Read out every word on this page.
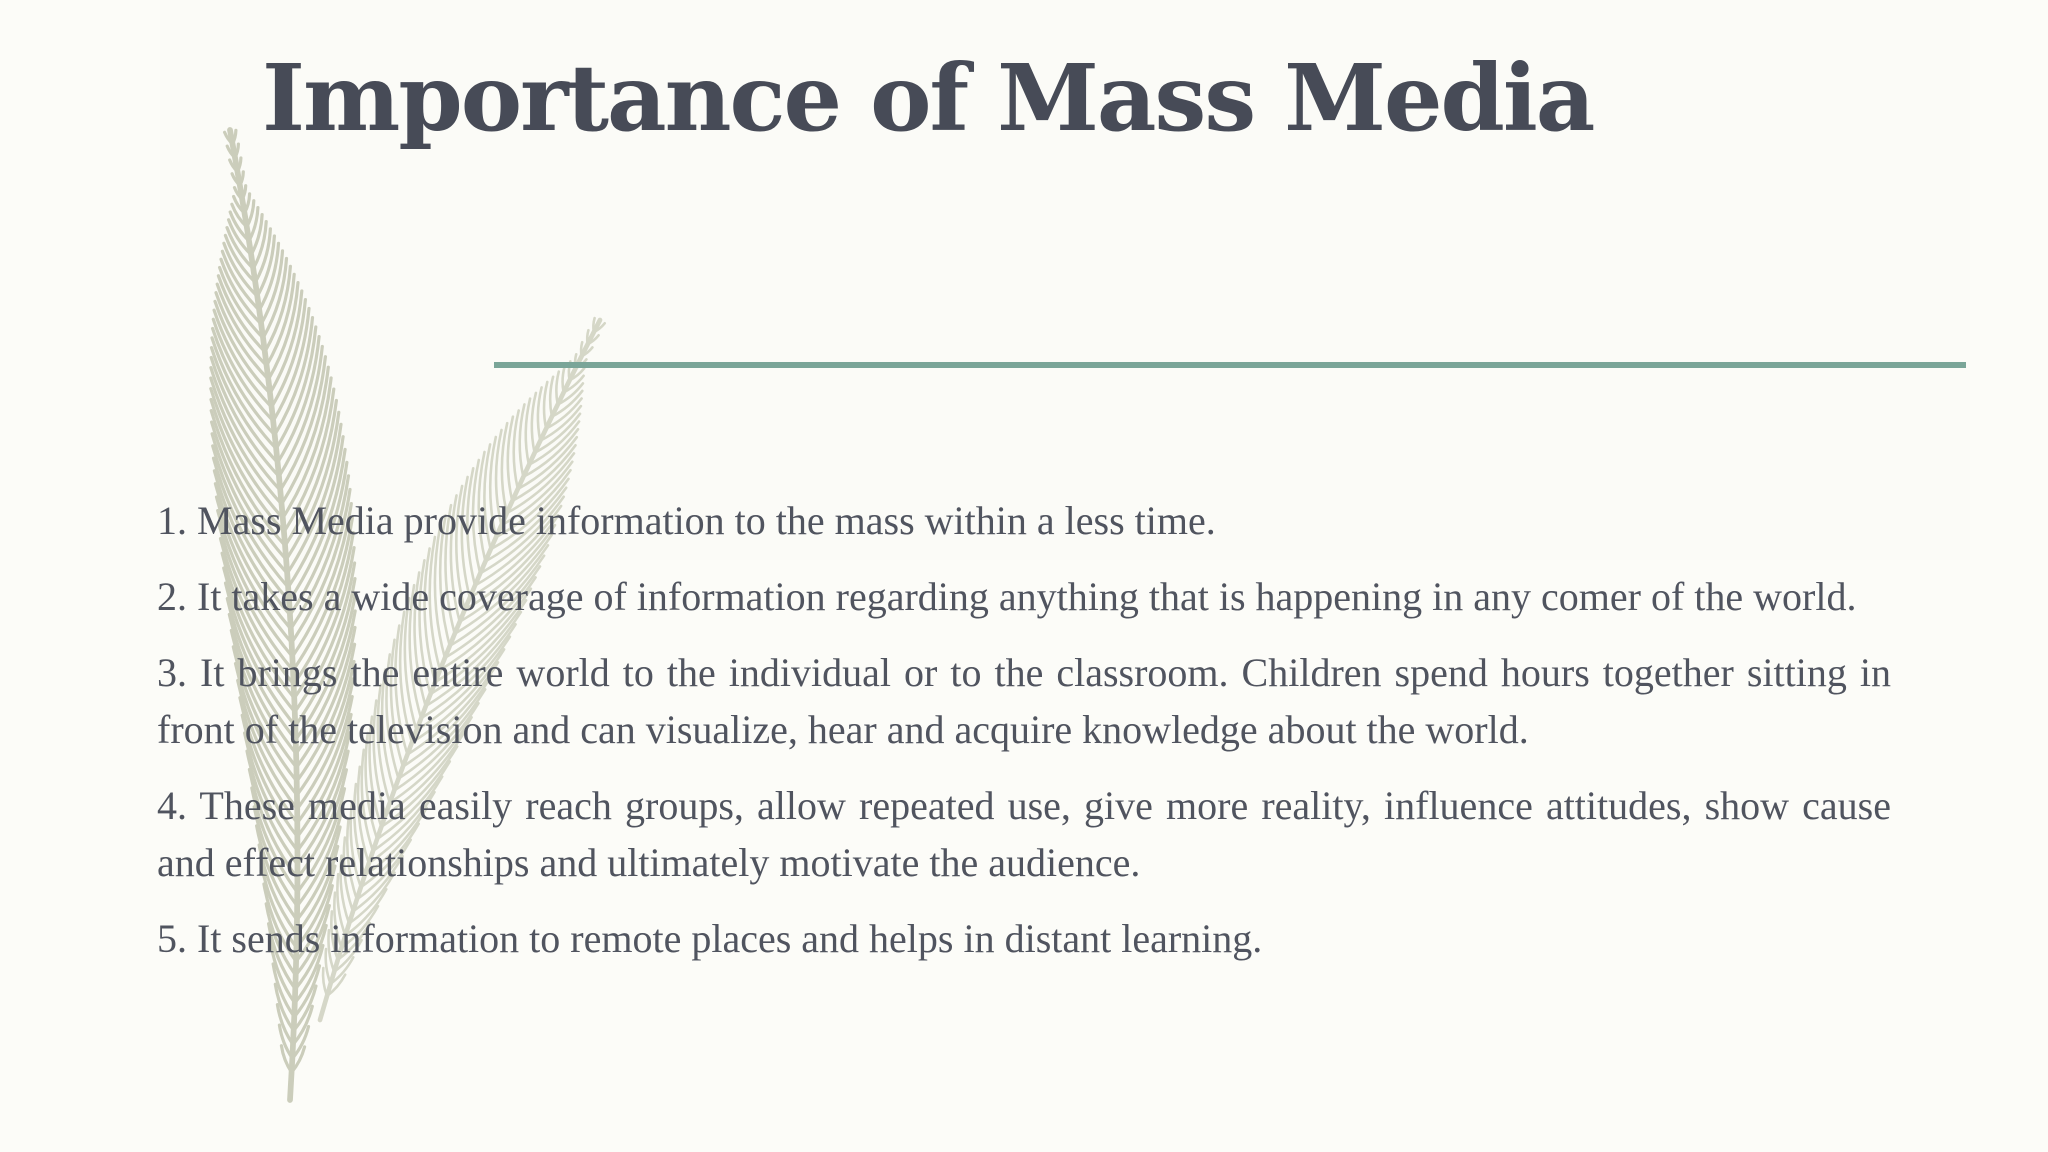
Importance of Mass Media
1. Mass Media provide information to the mass within a less time.
2. It takes a wide coverage of information regarding anything that is happening in any comer of the world.
3. It brings the entire world to the individual or to the classroom. Children spend hours together sitting in front of the television and can visualize, hear and acquire knowledge about the world.
4. These media easily reach groups, allow repeated use, give more reality, influence attitudes, show cause and effect relationships and ultimately motivate the audience.
5. It sends information to remote places and helps in distant learning.
